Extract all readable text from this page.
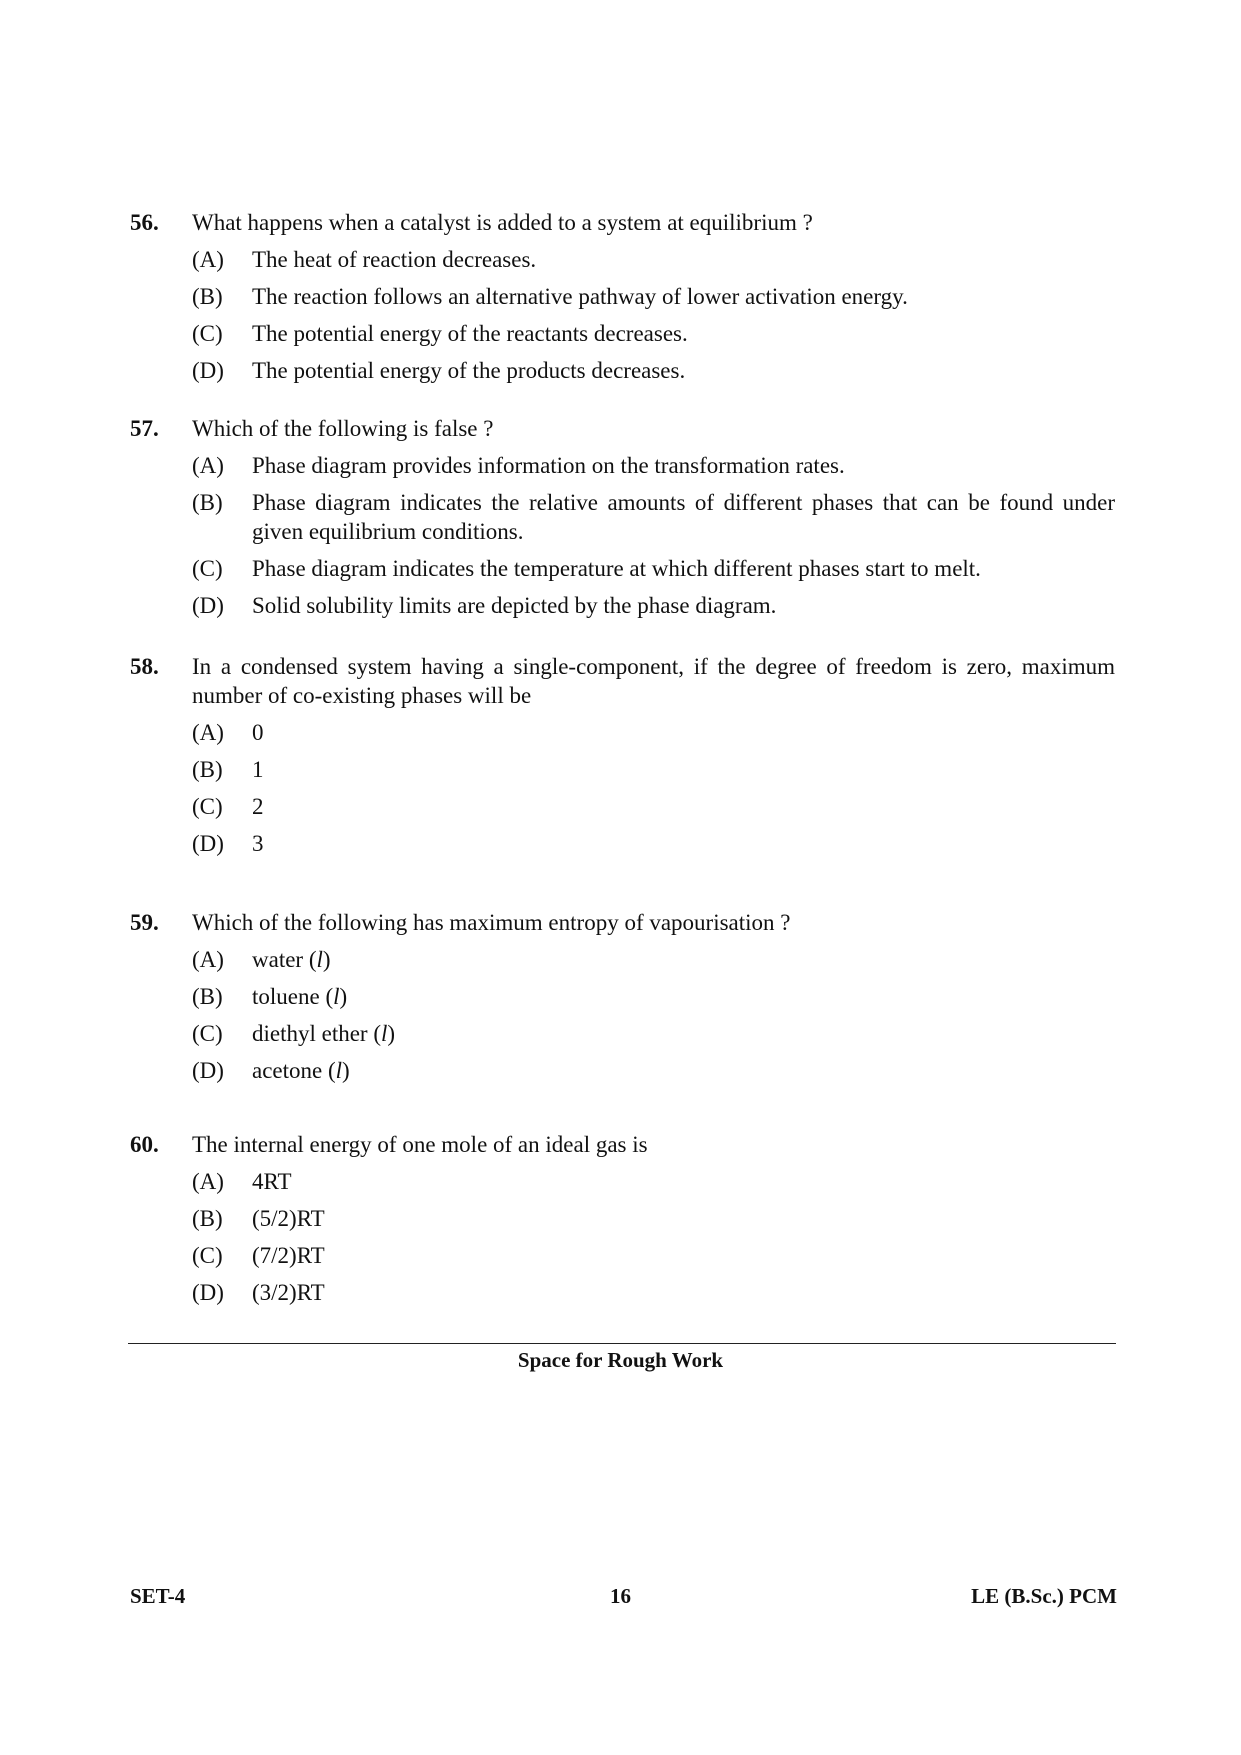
56. What happens when a catalyst is added to a system at equilibrium ?
(A) The heat of reaction decreases.
(B) The reaction follows an alternative pathway of lower activation energy.
(C) The potential energy of the reactants decreases.
(D) The potential energy of the products decreases.
57. Which of the following is false ?
(A) Phase diagram provides information on the transformation rates.
(B) Phase diagram indicates the relative amounts of different phases that can be found under given equilibrium conditions.
(C) Phase diagram indicates the temperature at which different phases start to melt.
(D) Solid solubility limits are depicted by the phase diagram.
58. In a condensed system having a single-component, if the degree of freedom is zero, maximum number of co-existing phases will be
(A) 0
(B) 1
(C) 2
(D) 3
59. Which of the following has maximum entropy of vapourisation ?
(A) water (l)
(B) toluene (l)
(C) diethyl ether (l)
(D) acetone (l)
60. The internal energy of one mole of an ideal gas is
(A) 4RT
(B) (5/2)RT
(C) (7/2)RT
(D) (3/2)RT
Space for Rough Work
SET-4	16	LE (B.Sc.) PCM
